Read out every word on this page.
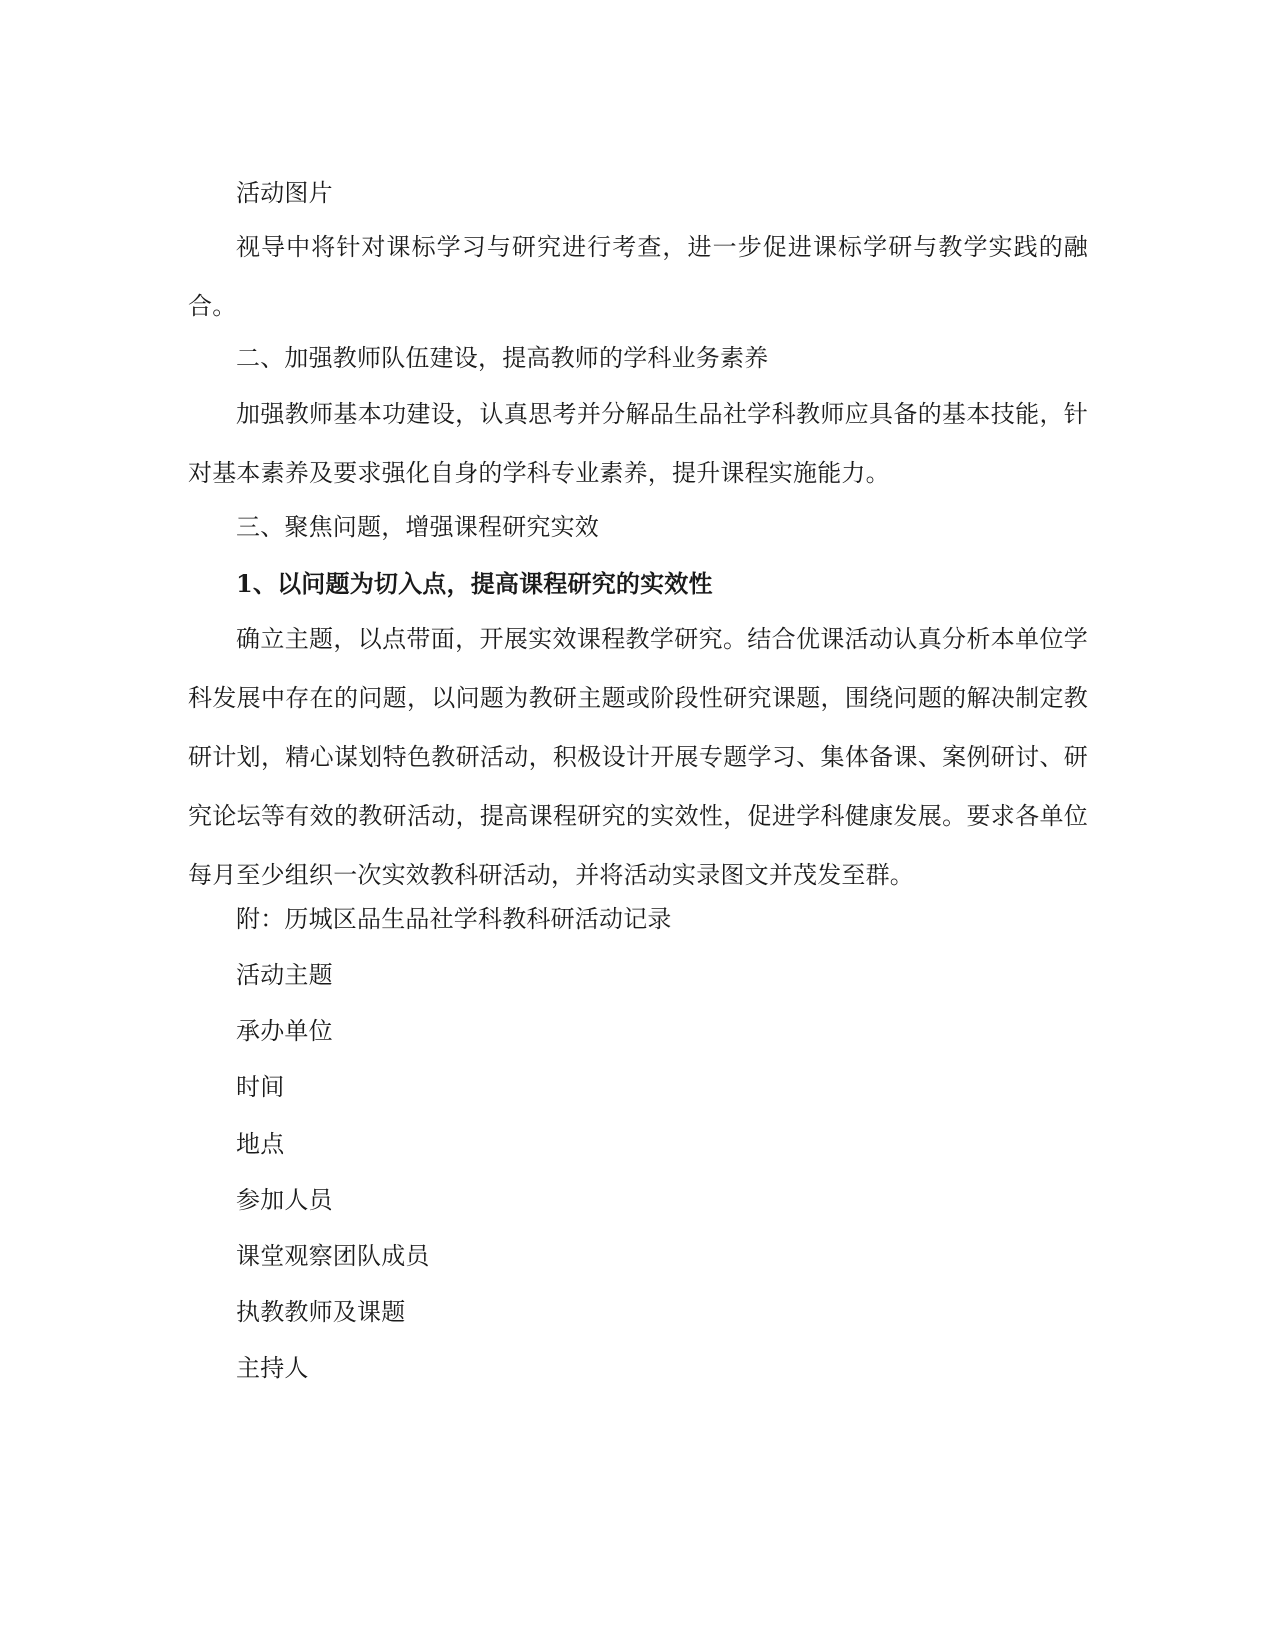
活动图片

视导中将针对课标学习与研究进行考查，进一步促进课标学研与教学实践的融合。

二、加强教师队伍建设，提高教师的学科业务素养

加强教师基本功建设，认真思考并分解品生品社学科教师应具备的基本技能，针对基本素养及要求强化自身的学科专业素养，提升课程实施能力。

三、聚焦问题，增强课程研究实效

1、以问题为切入点，提高课程研究的实效性

确立主题，以点带面，开展实效课程教学研究。结合优课活动认真分析本单位学科发展中存在的问题，以问题为教研主题或阶段性研究课题，围绕问题的解决制定教研计划，精心谋划特色教研活动，积极设计开展专题学习、集体备课、案例研讨、研究论坛等有效的教研活动，提高课程研究的实效性，促进学科健康发展。要求各单位每月至少组织一次实效教科研活动，并将活动实录图文并茂发至群。

附：历城区品生品社学科教科研活动记录

活动主题

承办单位

时间

地点

参加人员

课堂观察团队成员

执教教师及课题

主持人
